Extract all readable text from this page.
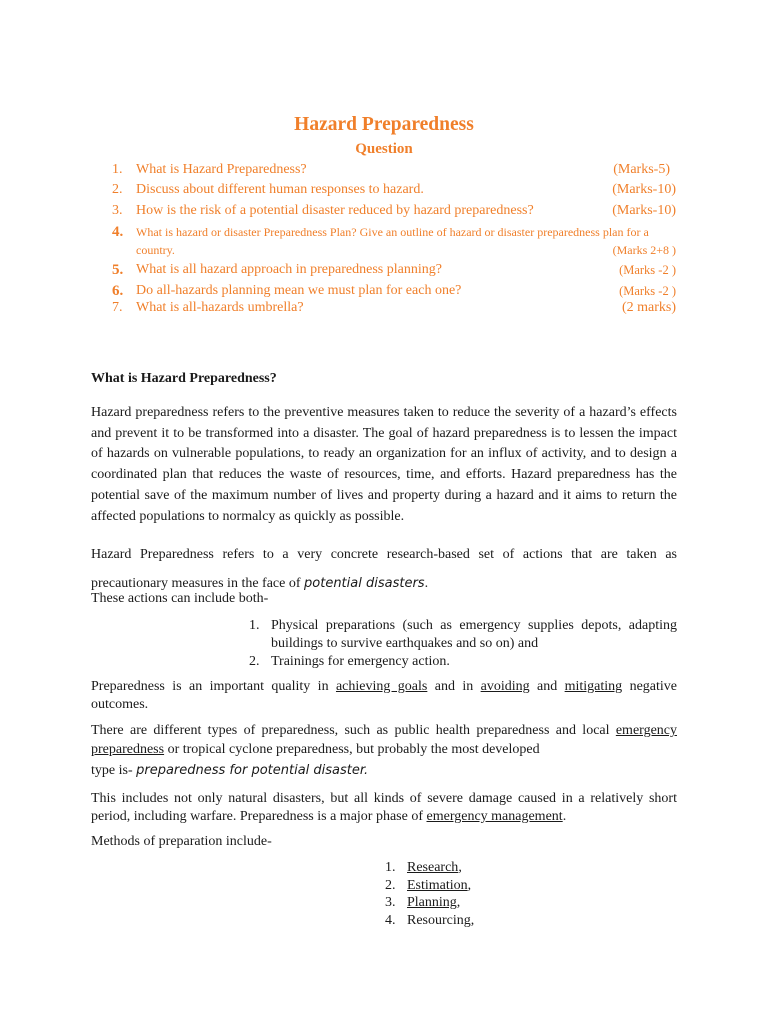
Hazard Preparedness
Question
1. What is Hazard Preparedness?	(Marks-5)
2. Discuss about different human responses to hazard.	(Marks-10)
3. How is the risk of a potential disaster reduced by hazard preparedness?	(Marks-10)
4.	What is hazard or disaster Preparedness Plan? Give an outline of hazard or disaster preparedness plan for a country.	(Marks 2+8 )
5. What is all hazard approach in preparedness planning?	(Marks -2 )
6. Do all-hazards planning mean we must plan for each one?	(Marks -2 )
7. What is all-hazards umbrella?	(2 marks)
What is Hazard Preparedness?
Hazard preparedness refers to the preventive measures taken to reduce the severity of a hazard’s effects and prevent it to be transformed into a disaster. The goal of hazard preparedness is to lessen the impact of hazards on vulnerable populations, to ready an organization for an influx of activity, and to design a coordinated plan that reduces the waste of resources, time, and efforts. Hazard preparedness has the potential save of the maximum number of lives and property during a hazard and it aims to return the affected populations to normalcy as quickly as possible.
Hazard Preparedness refers to a very concrete research-based set of actions that are taken as precautionary measures in the face of potential disasters.
These actions can include both-
1. Physical preparations (such as emergency supplies depots, adapting buildings to survive earthquakes and so on) and
2. Trainings for emergency action.
Preparedness is an important quality in achieving goals and in avoiding and mitigating negative outcomes.
There are different types of preparedness, such as public health preparedness and local emergency preparedness or tropical cyclone preparedness, but probably the most developed
type is- preparedness for potential disaster.
This includes not only natural disasters, but all kinds of severe damage caused in a relatively short period, including warfare. Preparedness is a major phase of emergency management.
Methods of preparation include-
1. Research,
2. Estimation,
3. Planning,
4. Resourcing,
